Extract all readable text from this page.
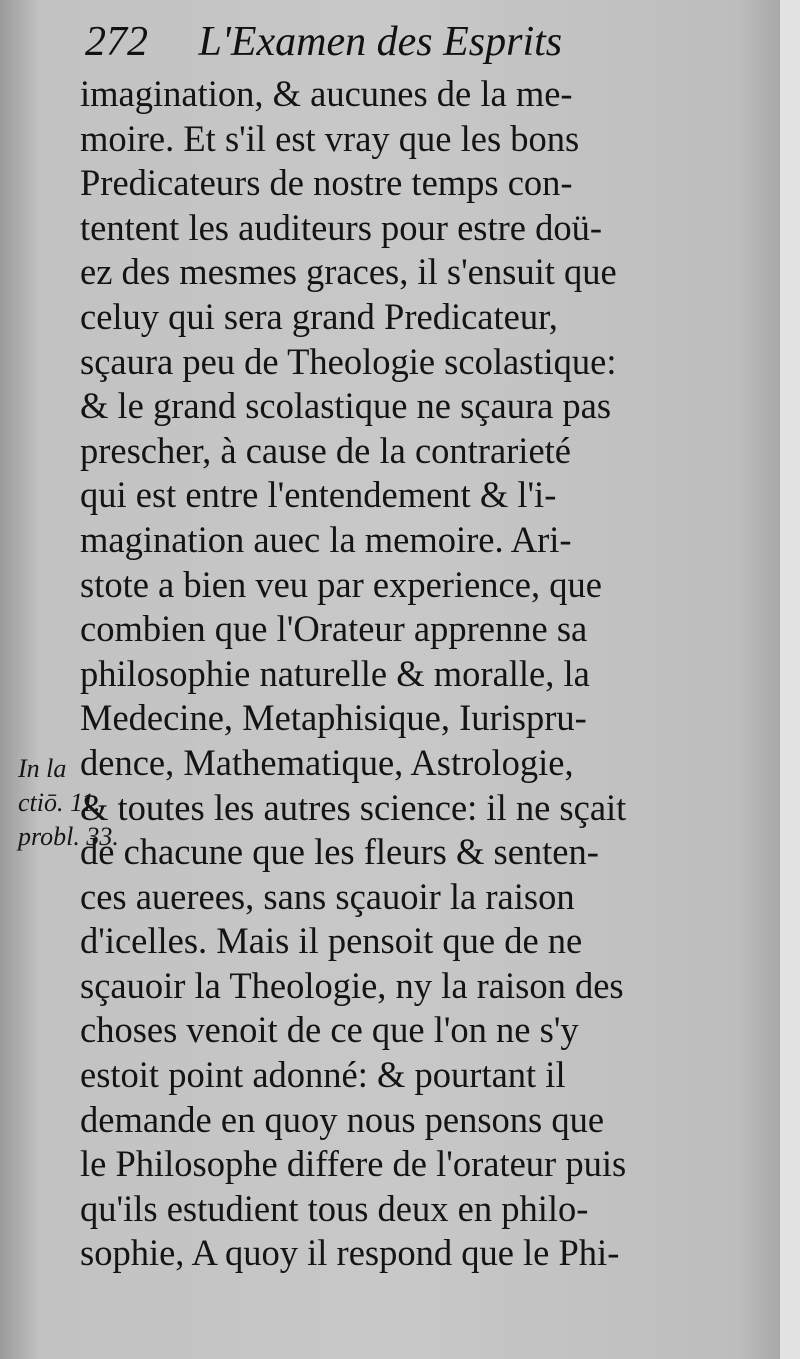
272 L'Examen des Esprits
imagination, & aucunes de la me-
moire. Et s'il est vray que les bons
Predicateurs de nostre temps con-
tentent les auditeurs pour estre doü-
ez des mesmes graces, il s'ensuit que
celuy qui sera grand Predicateur,
sçaura peu de Theologie scolastique:
& le grand scolastique ne sçaura pas
prescher, à cause de la contrarieté
qui est entre l'entendement & l'i-
magination auec la memoire. Ari-
stote a bien veu par experience, que
combien que l'Orateur apprenne sa
philosophie naturelle & moralle, la
Medecine, Metaphisique, Iurispru-
dence, Mathematique, Astrologie,
& toutes les autres science: il ne sçait
de chacune que les fleurs & senten-
ces auerees, sans sçauoir la raison
d'icelles. Mais il pensoit que de ne
sçauoir la Theologie, ny la raison des
choses venoit de ce que l'on ne s'y
estoit point adonné: & pourtant il
demande en quoy nous pensons que
le Philosophe differe de l'orateur puis
qu'ils estudient tous deux en philo-
sophie, A quoy il respond que le Phi-
In la
ctiō. 11.
probl. 33.
